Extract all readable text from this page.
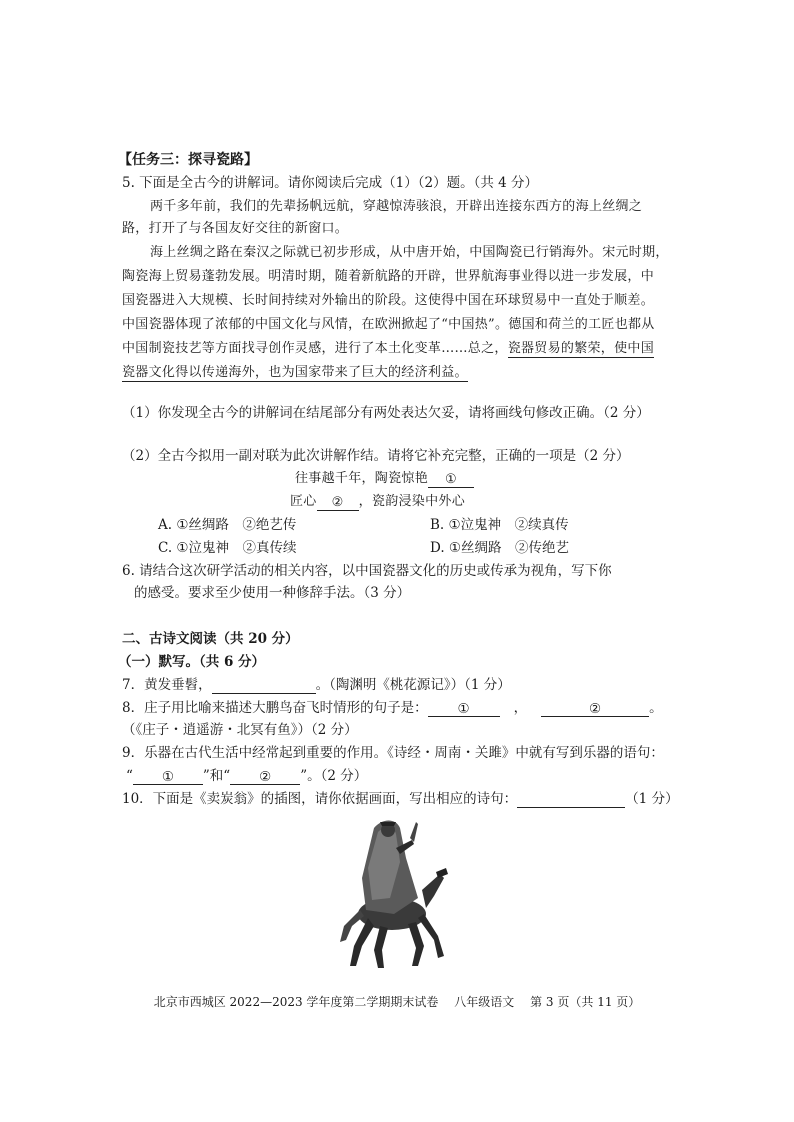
【任务三：探寻瓷路】
5. 下面是全古今的讲解词。请你阅读后完成（1）（2）题。（共 4 分）
两千多年前，我们的先辈扬帆远航，穿越惊涛骇浪，开辟出连接东西方的海上丝绸之
路，打开了与各国友好交往的新窗口。
海上丝绸之路在秦汉之际就已初步形成，从中唐开始，中国陶瓷已行销海外。宋元时期，
陶瓷海上贸易蓬勃发展。明清时期，随着新航路的开辟，世界航海事业得以进一步发展，中
国瓷器进入大规模、长时间持续对外输出的阶段。这使得中国在环球贸易中一直处于顺差。
中国瓷器体现了浓郁的中国文化与风情，在欧洲掀起了“中国热”。德国和荷兰的工匠也都从
中国制瓷技艺等方面找寻创作灵感，进行了本土化变革……总之，瓷器贸易的繁荣，使中国
瓷器文化得以传递海外，也为国家带来了巨大的经济利益。
（1）你发现全古今的讲解词在结尾部分有两处表达欠妥，请将画线句修改正确。（2 分）
（2）全古今拟用一副对联为此次讲解作结。请将它补充完整，正确的一项是（2 分）
往事越千年，陶瓷惊艳 ①
匠心 ② ，瓷韵浸染中外心
A. ①丝绸路　②绝艺传	B. ①泣鬼神　②续真传
C. ①泣鬼神　②真传续	D. ①丝绸路　②传绝艺
6. 请结合这次研学活动的相关内容，以中国瓷器文化的历史或传承为视角，写下你
的感受。要求至少使用一种修辞手法。（3 分）
二、古诗文阅读（共 20 分）
（一）默写。（共 6 分）
7．黄发垂髫，	。（陶渊明《桃花源记》）（1 分）
8．庄子用比喻来描述大鹏鸟奋飞时情形的句子是： ①	，	②	。
（《庄子・逍遥游・北冥有鱼》）（2 分）
9．乐器在古代生活中经常起到重要的作用。《诗经・周南・关雎》中就有写到乐器的语句：
“ ① ”和“ ② ”。（2 分）
10．下面是《卖炭翁》的插图，请你依据画面，写出相应的诗句：	（1 分）
北京市西城区 2022—2023 学年度第二学期期末试卷 八年级语文 第 3 页（共 11 页）
